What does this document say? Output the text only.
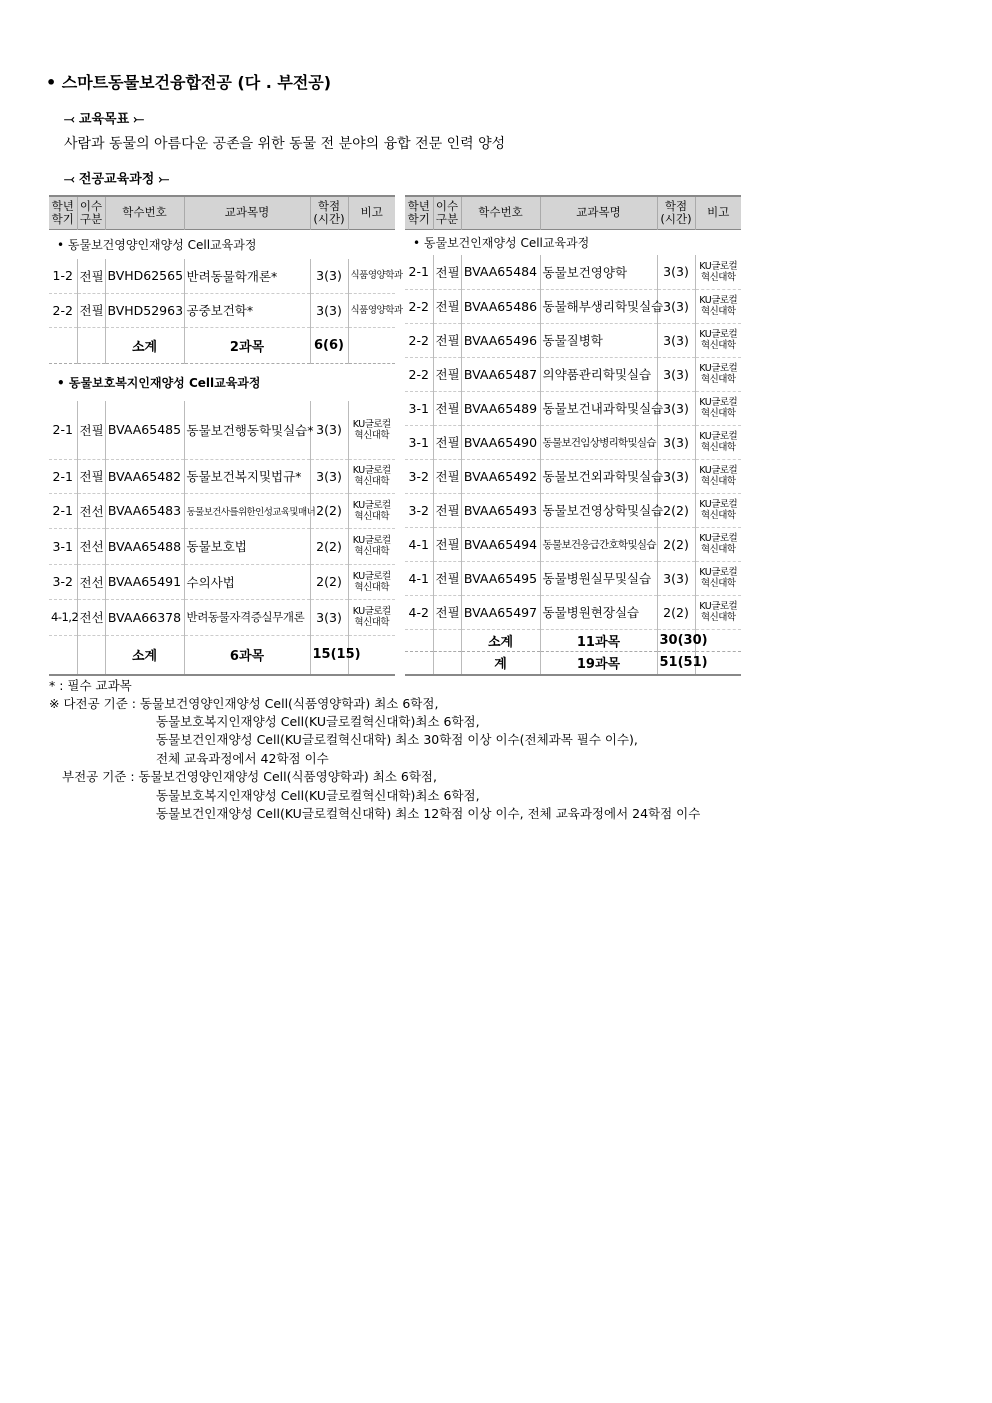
• 스마트동물보건융합전공 (다 . 부전공)
⤙ 교육목표 ⤚
사람과 동물의 아름다운 공존을 위한 동물 전 분야의 융합 전문 인력 양성
⤙ 전공교육과정 ⤚
학년
학기	이수
구분	학수번호	교과목명	학점
(시간)	비고
• 동물보건영양인재양성 Cell교육과정					
1-2	전필	BVHD62565	반려동물학개론*	3(3)	식품영양학과
2-2	전필	BVHD52963	공중보건학*	3(3)	식품영양학과
		소계	2과목	6(6)	
• 동물보호복지인재양성 Cell교육과정					
2-1	전필	BVAA65485	동물보건행동학및실습*	3(3)	KU글로컬
혁신대학
2-1	전필	BVAA65482	동물보건복지및법규*	3(3)	KU글로컬
혁신대학
2-1	전선	BVAA65483	동물보건사를위한인성교육및매너	2(2)	KU글로컬
혁신대학
3-1	전선	BVAA65488	동물보호법	2(2)	KU글로컬
혁신대학
3-2	전선	BVAA65491	수의사법	2(2)	KU글로컬
혁신대학
4-1,2	전선	BVAA66378	반려동물자격증실무개론	3(3)	KU글로컬
혁신대학
		소계	6과목	15(15)	
학년
학기	이수
구분	학수번호	교과목명	학점
(시간)	비고
• 동물보건인재양성 Cell교육과정					
2-1	전필	BVAA65484	동물보건영양학	3(3)	KU글로컬
혁신대학
2-2	전필	BVAA65486	동물해부생리학및실습	3(3)	KU글로컬
혁신대학
2-2	전필	BVAA65496	동물질병학	3(3)	KU글로컬
혁신대학
2-2	전필	BVAA65487	의약품관리학및실습	3(3)	KU글로컬
혁신대학
3-1	전필	BVAA65489	동물보건내과학및실습	3(3)	KU글로컬
혁신대학
3-1	전필	BVAA65490	동물보건임상병리학및실습	3(3)	KU글로컬
혁신대학
3-2	전필	BVAA65492	동물보건외과학및실습	3(3)	KU글로컬
혁신대학
3-2	전필	BVAA65493	동물보건영상학및실습	2(2)	KU글로컬
혁신대학
4-1	전필	BVAA65494	동물보건응급간호학및실습	2(2)	KU글로컬
혁신대학
4-1	전필	BVAA65495	동물병원실무및실습	3(3)	KU글로컬
혁신대학
4-2	전필	BVAA65497	동물병원현장실습	2(2)	KU글로컬
혁신대학
		소계	11과목	30(30)	
		계	19과목	51(51)	
* : 필수 교과목
※ 다전공 기준 : 동물보건영양인재양성 Cell(식품영양학과) 최소 6학점,
동물보호복지인재양성 Cell(KU글로컬혁신대학)최소 6학점,
동물보건인재양성 Cell(KU글로컬혁신대학) 최소 30학점 이상 이수(전체과목 필수 이수),
전체 교육과정에서 42학점 이수
부전공 기준 : 동물보건영양인재양성 Cell(식품영양학과) 최소 6학점,
동물보호복지인재양성 Cell(KU글로컬혁신대학)최소 6학점,
동물보건인재양성 Cell(KU글로컬혁신대학) 최소 12학점 이상 이수, 전체 교육과정에서 24학점 이수
